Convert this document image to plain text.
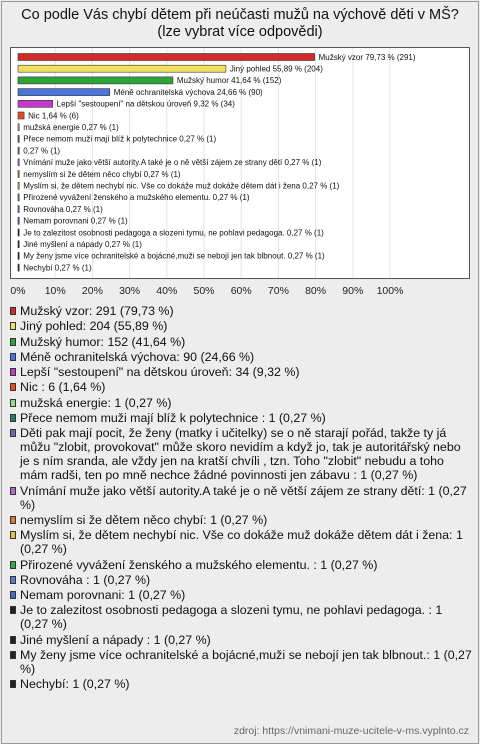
Co podle Vás chybí dětem při neúčasti mužů na výchově děti v MŠ?
(lze vybrat více odpovědi)
0% 10% 20% 30% 40% 50% 60% 70% 80% 90% 100%
Mužský vzor 79,73 % (291)
Jiný pohled 55,89 % (204)
Mužský humor 41,64 % (152)
Méně ochranitelská výchova 24,66 % (90)
Lepší "sestoupení" na dětskou úroveň 9,32 % (34)
Nic 1,64 % (6)
mužská energie 0,27 % (1)
Přece nemom muži mají blíž k polytechnice 0,27 % (1)
0,27 % (1)
Vnímání muže jako větší autority.A také je o ně větší zájem ze strany dětí 0,27 % (1)
nemyslím si že dětem něco chybí 0,27 % (1)
Myslím si, že dětem nechybí nic. Vše co dokáže muž dokáže dětem dát i žena 0,27 % (1)
Přirozené vyvážení ženského a mužského elementu. 0,27 % (1)
Rovnováha 0,27 % (1)
Nemam porovnani 0,27 % (1)
Je to zalezitost osobnosti pedagoga a slozeni tymu, ne pohlavi pedagoga. 0,27 % (1)
Jiné myšlení a nápady 0,27 % (1)
My ženy jsme více ochranitelské a bojácné,muži se nebojí jen tak blbnout. 0,27 % (1)
Nechybí 0,27 % (1)
Mužský vzor: 291 (79,73 %)
Jiný pohled: 204 (55,89 %)
Mužský humor: 152 (41,64 %)
Méně ochranitelská výchova: 90 (24,66 %)
Lepší "sestoupení" na dětskou úroveň: 34 (9,32 %)
Nic : 6 (1,64 %)
mužská energie: 1 (0,27 %)
Přece nemom muži mají blíž k polytechnice : 1 (0,27 %)
Děti pak mají pocit, že ženy (matky i učitelky) se o ně starají pořád, takže ty já můžu "zlobit, provokovat" může skoro nevidím a když jo, tak je autoritářský nebo je s ním sranda, ale vždy jen na kratší chvíli , tzn. Toho "zlobit" nebudu a toho mám radši, ten po mně nechce žádné povinnosti jen zábavu : 1 (0,27 %)
Vnímání muže jako větší autority.A také je o ně větší zájem ze strany dětí: 1 (0,27 %)
nemyslím si že dětem něco chybí: 1 (0,27 %)
Myslím si, že dětem nechybí nic. Vše co dokáže muž dokáže dětem dát i žena: 1 (0,27 %)
Přirozené vyvážení ženského a mužského elementu. : 1 (0,27 %)
Rovnováha : 1 (0,27 %)
Nemam porovnani: 1 (0,27 %)
Je to zalezitost osobnosti pedagoga a slozeni tymu, ne pohlavi pedagoga. : 1 (0,27 %)
Jiné myšlení a nápady : 1 (0,27 %)
My ženy jsme více ochranitelské a bojácné,muži se nebojí jen tak blbnout.: 1 (0,27 %)
Nechybí: 1 (0,27 %)
zdroj: https://vnimani-muze-ucitele-v-ms.vyplnto.cz
